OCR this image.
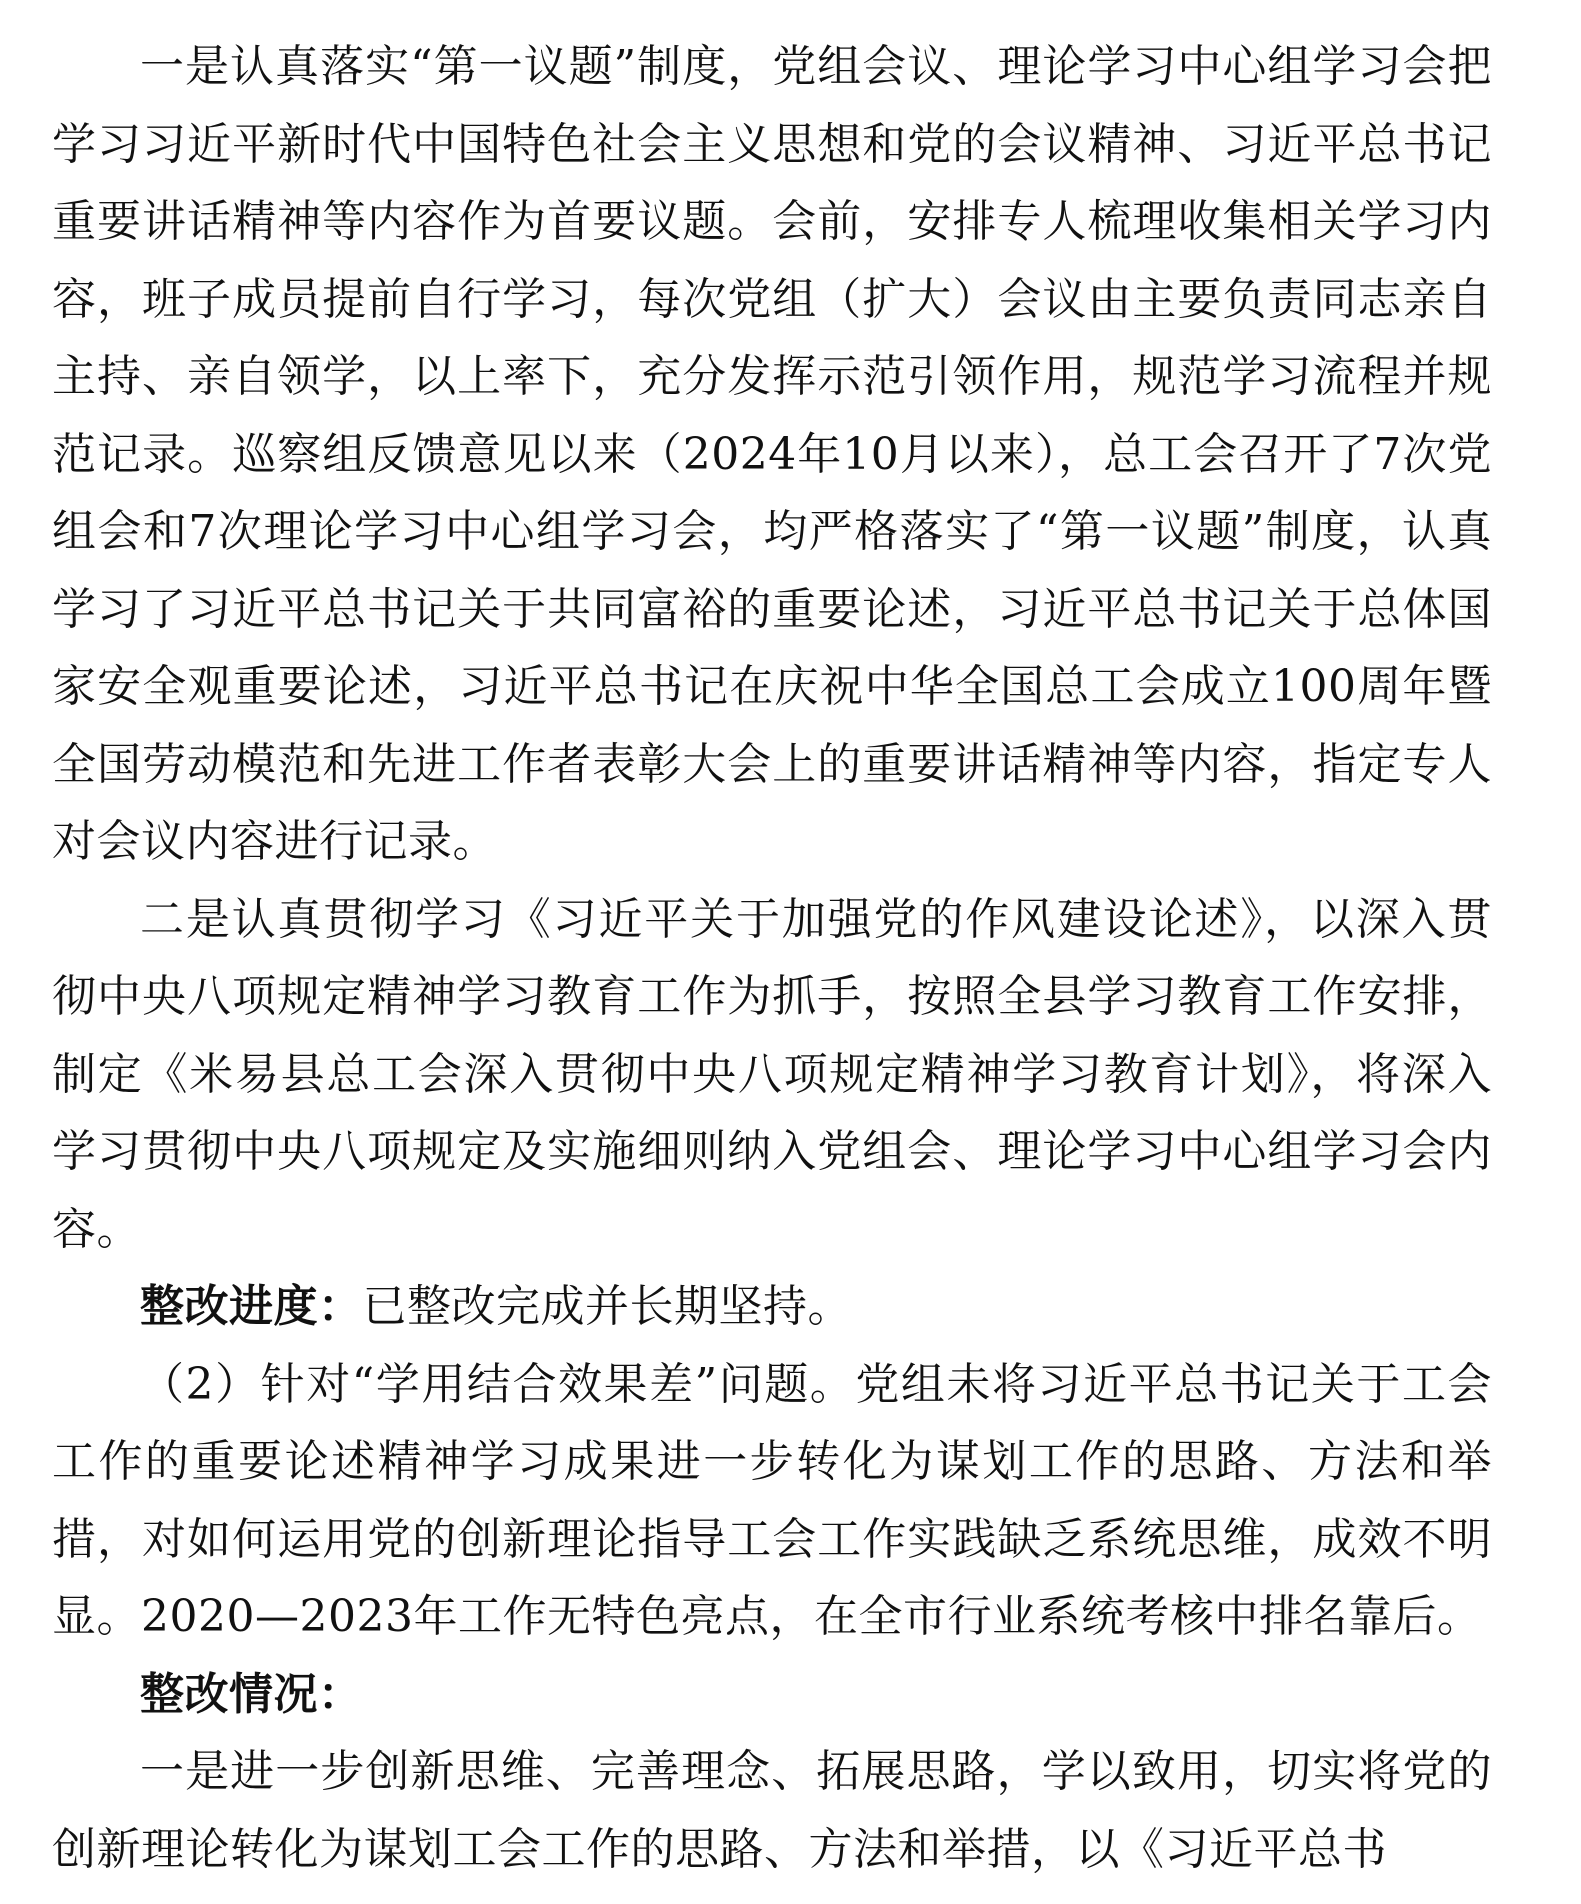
一是认真落实“第一议题”制度，党组会议、理论学习中心组学习会把学习习近平新时代中国特色社会主义思想和党的会议精神、习近平总书记重要讲话精神等内容作为首要议题。会前，安排专人梳理收集相关学习内容，班子成员提前自行学习，每次党组（扩大）会议由主要负责同志亲自主持、亲自领学，以上率下，充分发挥示范引领作用，规范学习流程并规范记录。巡察组反馈意见以来（2024年10月以来），总工会召开了7次党组会和7次理论学习中心组学习会，均严格落实了“第一议题”制度，认真学习了习近平总书记关于共同富裕的重要论述，习近平总书记关于总体国家安全观重要论述，习近平总书记在庆祝中华全国总工会成立100周年暨全国劳动模范和先进工作者表彰大会上的重要讲话精神等内容，指定专人对会议内容进行记录。

二是认真贯彻学习《习近平关于加强党的作风建设论述》，以深入贯彻中央八项规定精神学习教育工作为抓手，按照全县学习教育工作安排，制定《米易县总工会深入贯彻中央八项规定精神学习教育计划》，将深入学习贯彻中央八项规定及实施细则纳入党组会、理论学习中心组学习会内容。

整改进度：已整改完成并长期坚持。

（2）针对“学用结合效果差”问题。党组未将习近平总书记关于工会工作的重要论述精神学习成果进一步转化为谋划工作的思路、方法和举措，对如何运用党的创新理论指导工会工作实践缺乏系统思维，成效不明显。2020—2023年工作无特色亮点，在全市行业系统考核中排名靠后。

整改情况：

一是进一步创新思维、完善理念、拓展思路，学以致用，切实将党的创新理论转化为谋划工会工作的思路、方法和举措，以《习近平总书
